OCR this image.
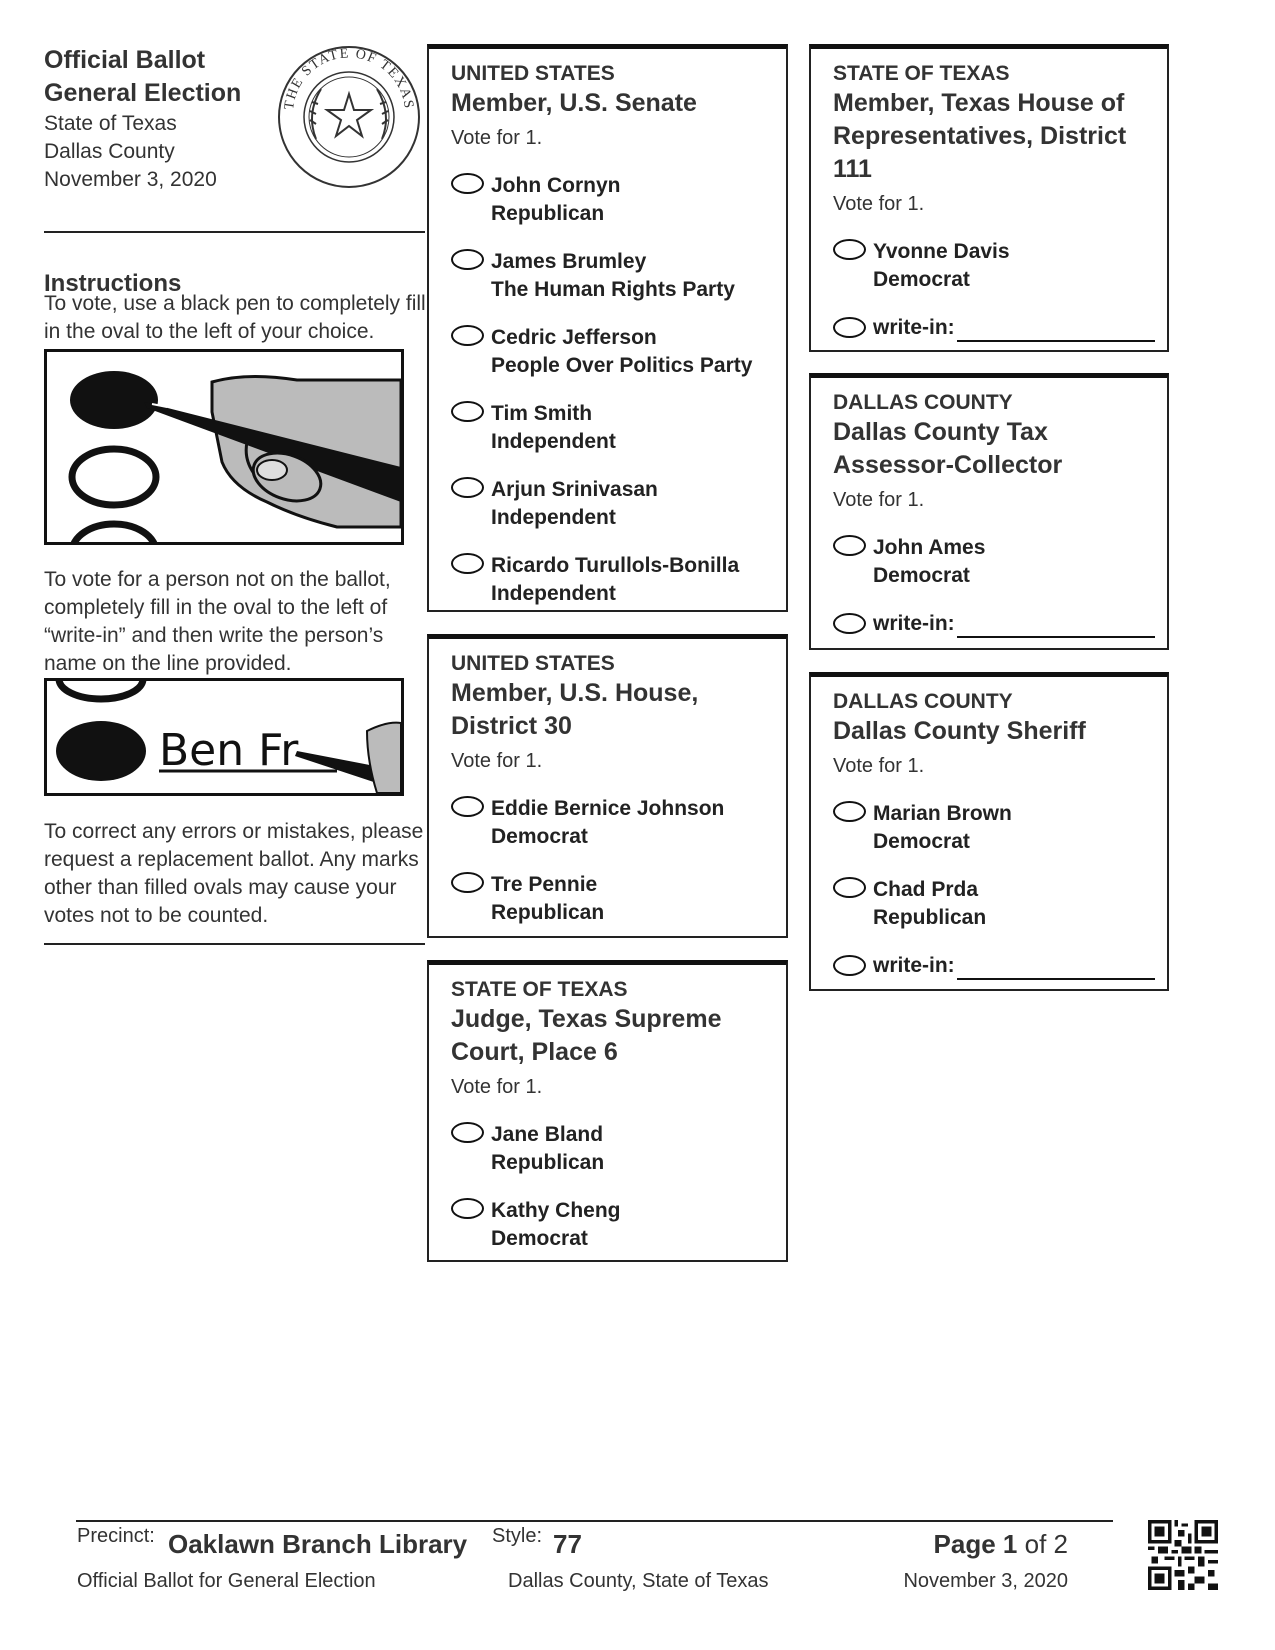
Official Ballot
General Election
State of Texas
Dallas County
November 3, 2020
THE STATE OF TEXAS
Instructions
To vote, use a black pen to completely fill in the oval to the left of your choice.
To vote for a person not on the ballot, completely fill in the oval to the left of “write-in” and then write the person’s name on the line provided.
Ben Fr
To correct any errors or mistakes, please request a replacement ballot. Any marks other than filled ovals may cause your votes not to be counted.
UNITED STATES
Member, U.S. Senate
Vote for 1.
John Cornyn
Republican
James Brumley
The Human Rights Party
Cedric Jefferson
People Over Politics Party
Tim Smith
Independent
Arjun Srinivasan
Independent
Ricardo Turullols-Bonilla
Independent
UNITED STATES
Member, U.S. House, District 30
Vote for 1.
Eddie Bernice Johnson
Democrat
Tre Pennie
Republican
STATE OF TEXAS
Judge, Texas Supreme Court, Place 6
Vote for 1.
Jane Bland
Republican
Kathy Cheng
Democrat
STATE OF TEXAS
Member, Texas House of Representatives, District 111
Vote for 1.
Yvonne Davis
Democrat
write-in:
DALLAS COUNTY
Dallas County Tax Assessor-Collector
Vote for 1.
John Ames
Democrat
write-in:
DALLAS COUNTY
Dallas County Sheriff
Vote for 1.
Marian Brown
Democrat
Chad Prda
Republican
write-in:
Precinct: Oaklawn Branch Library Style: 77	Page 1 of 2
Official Ballot for General Election	Dallas County, State of Texas	November 3, 2020
